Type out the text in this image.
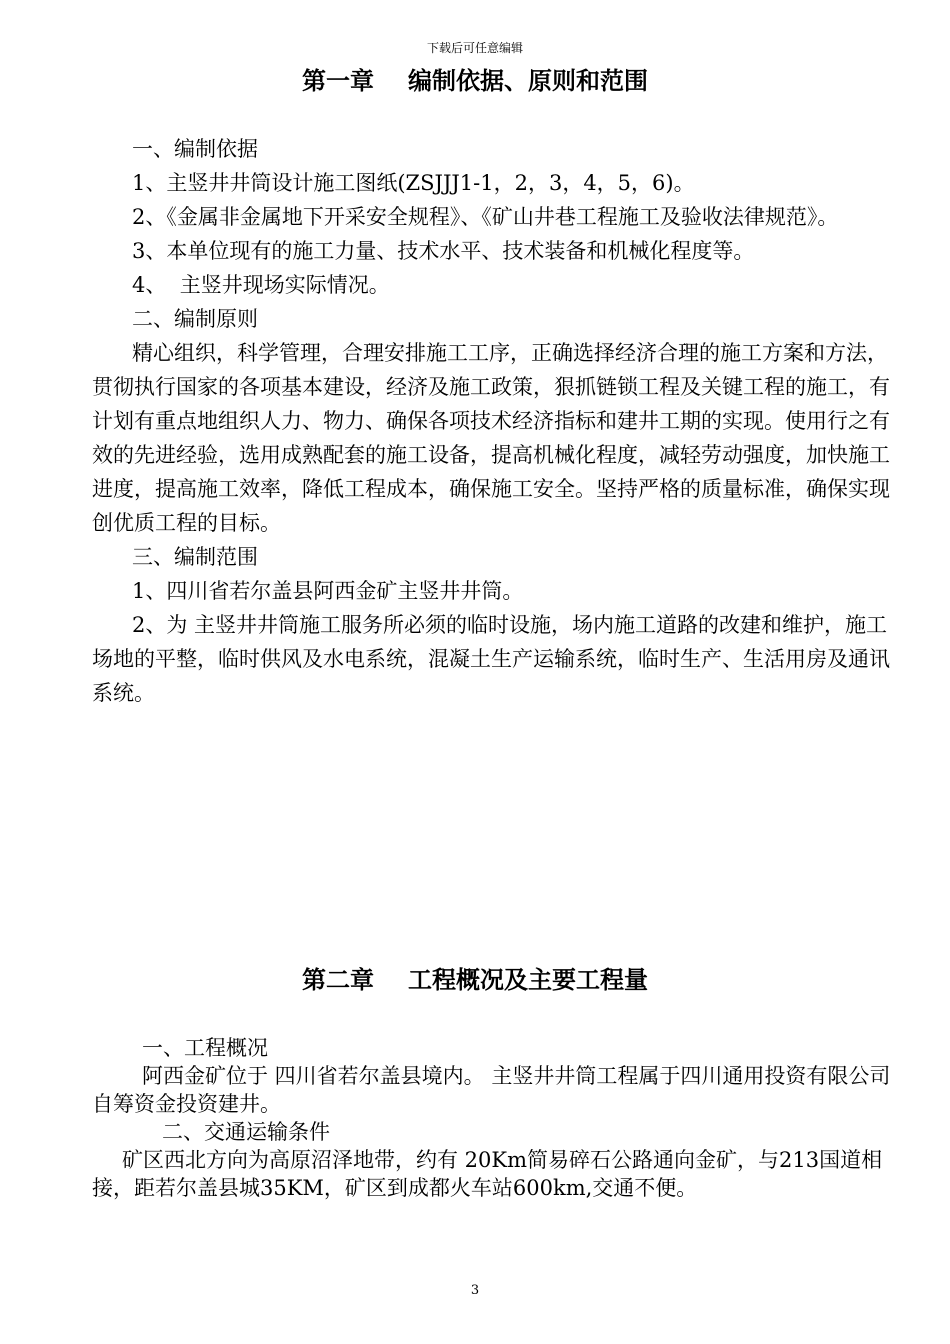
下载后可任意编辑
第一章 编制依据、原则和范围

一、编制依据

1、主竖井井筒设计施工图纸(ZSJJJ1-1，2，3，4，5，6)。

2、《金属非金属地下开采安全规程》、《矿山井巷工程施工及验收法律规范》。

3、本单位现有的施工力量、技术水平、技术装备和机械化程度等。

4、  主竖井现场实际情况。

二、编制原则

精心组织，科学管理，合理安排施工工序，正确选择经济合理的施工方案和方法，贯彻执行国家的各项基本建设，经济及施工政策，狠抓链锁工程及关键工程的施工，有计划有重点地组织人力、物力、确保各项技术经济指标和建井工期的实现。使用行之有效的先进经验，选用成熟配套的施工设备，提高机械化程度，减轻劳动强度，加快施工进度，提高施工效率，降低工程成本，确保施工安全。坚持严格的质量标准，确保实现创优质工程的目标。

三、编制范围

1、四川省若尔盖县阿西金矿主竖井井筒。

2、为 主竖井井筒施工服务所必须的临时设施，场内施工道路的改建和维护，施工场地的平整，临时供风及水电系统，混凝土生产运输系统，临时生产、生活用房及通讯系统。

第二章 工程概况及主要工程量

一、工程概况

阿西金矿位于 四川省若尔盖县境内。 主竖井井筒工程属于四川通用投资有限公司自筹资金投资建井。

二、交通运输条件

矿区西北方向为高原沼泽地带，约有 20Km简易碎石公路通向金矿，与213国道相接，距若尔盖县城35KM，矿区到成都火车站600km,交通不便。

3
